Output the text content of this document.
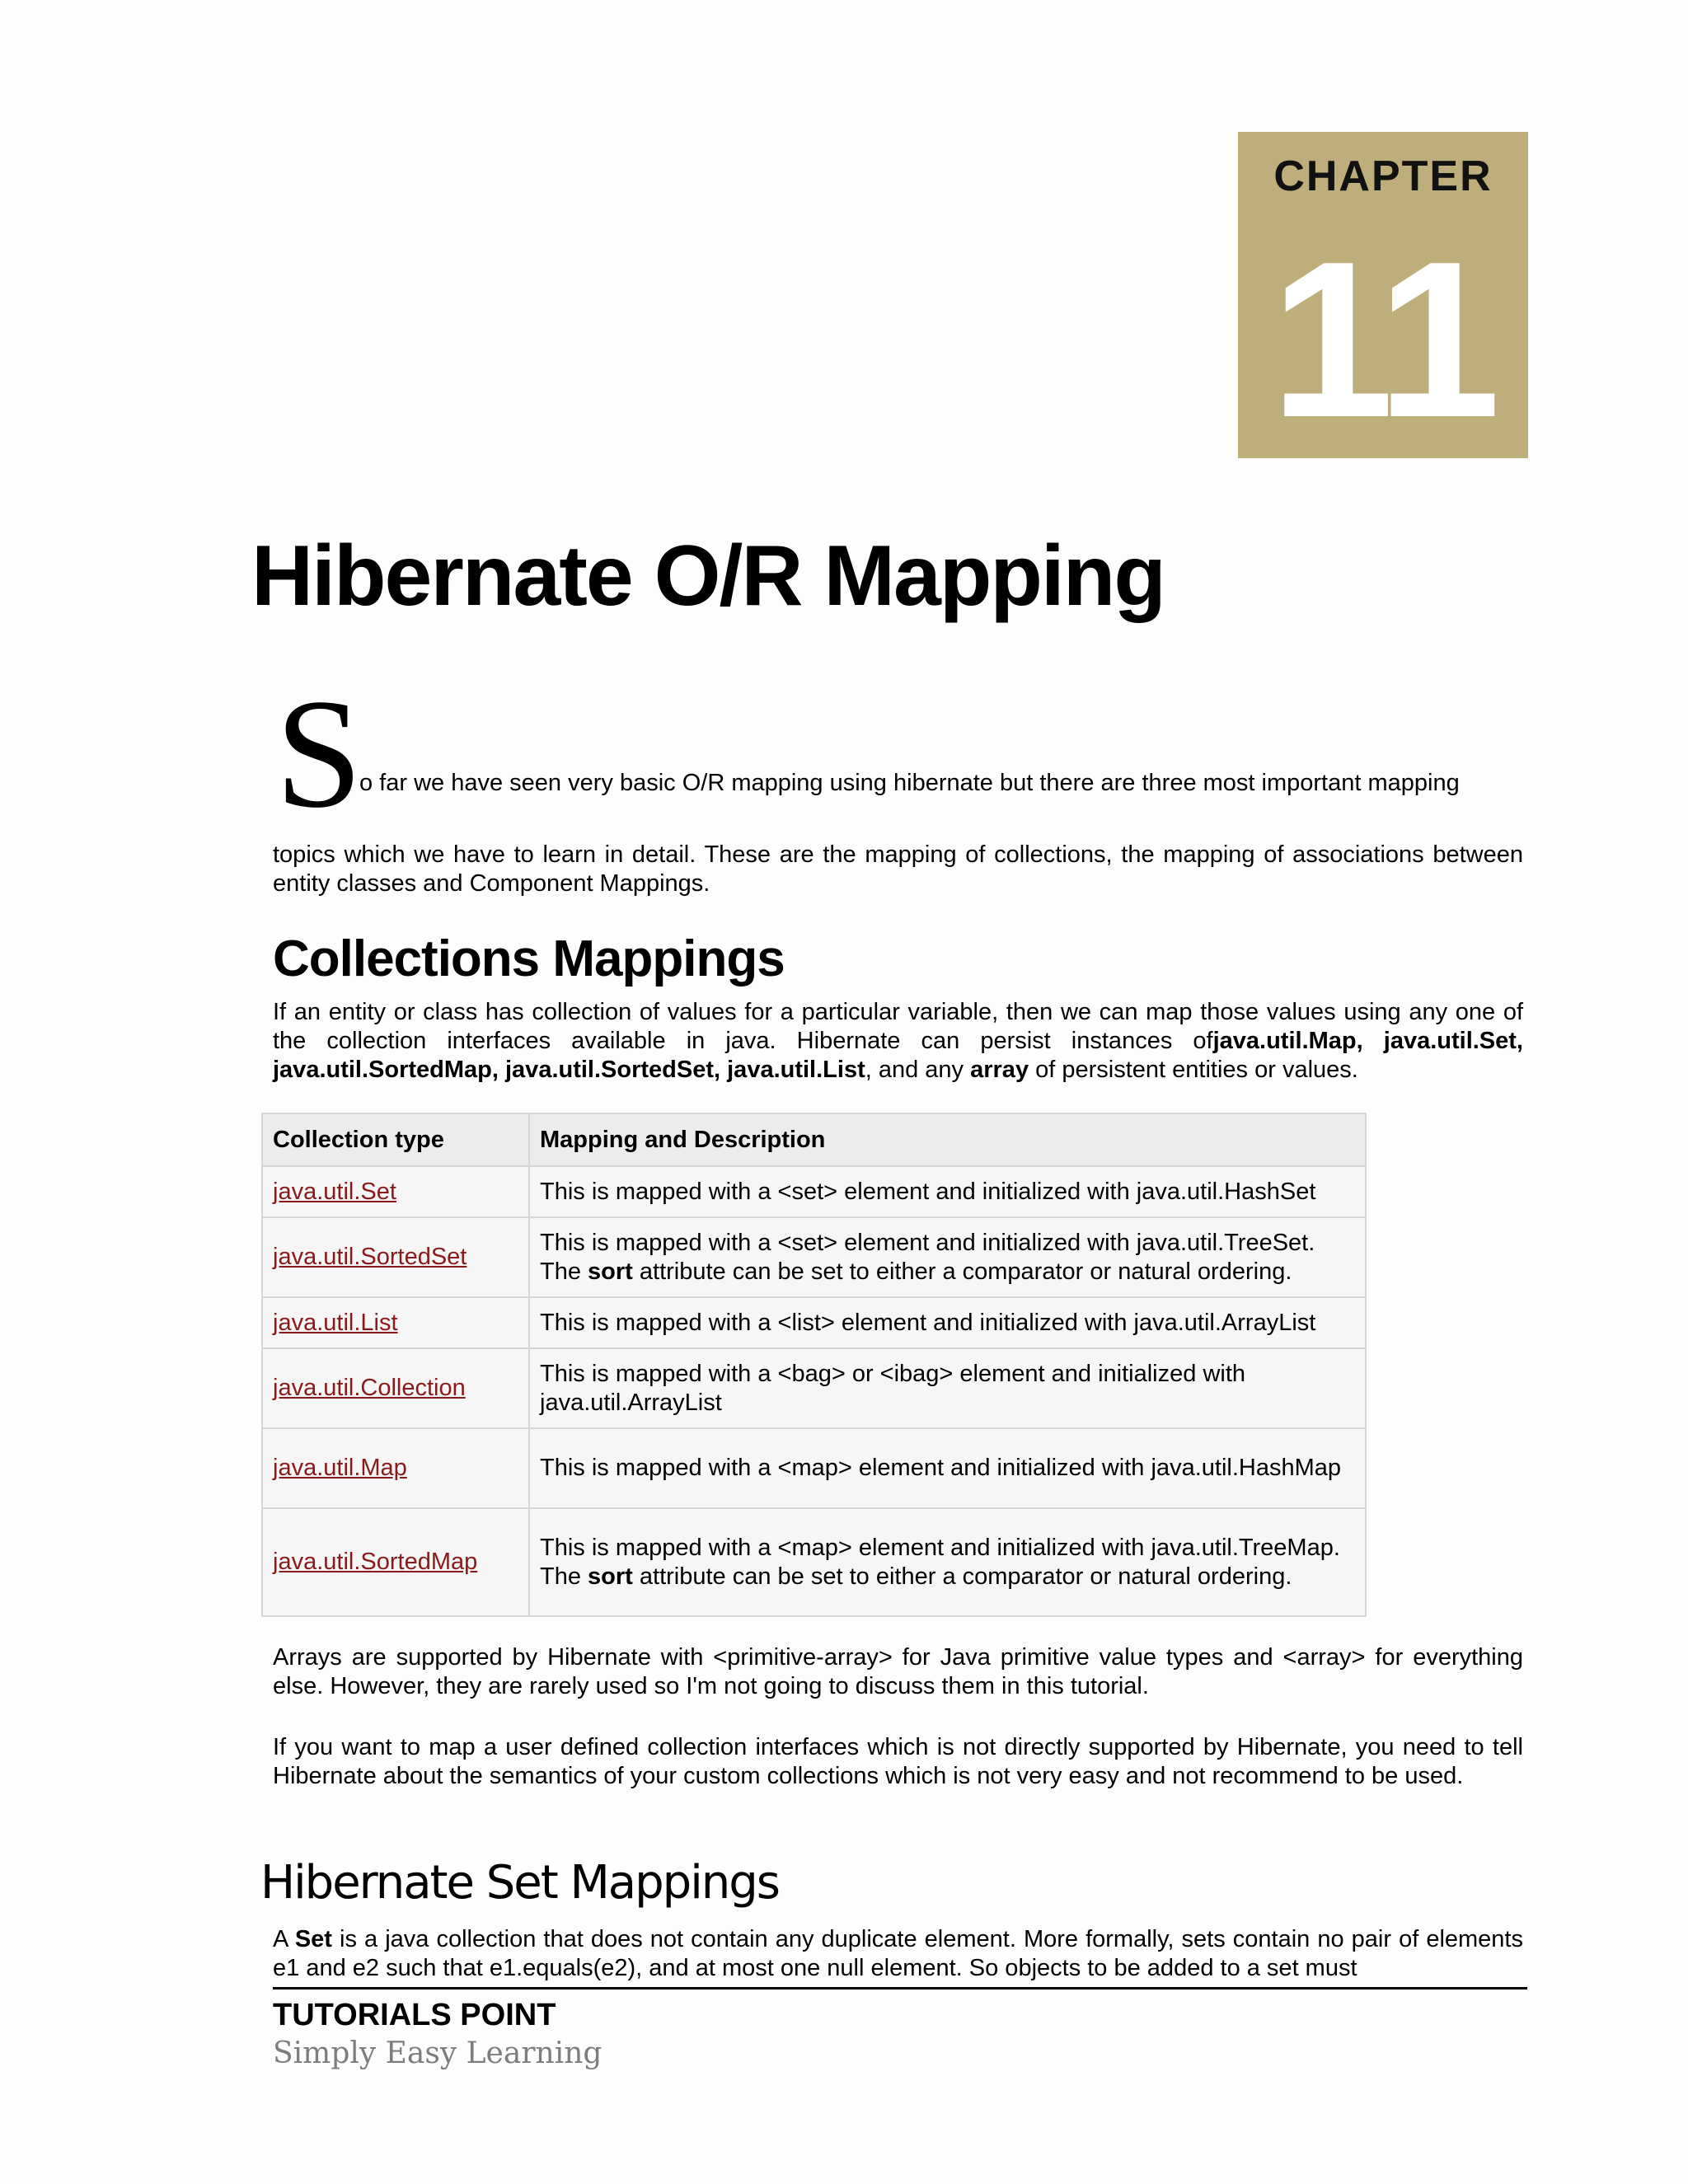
CHAPTER
11
Hibernate O/R Mapping
S

o far we have seen very basic O/R mapping using hibernate but there are three most important mapping

topics which we have to learn in detail. These are the mapping of collections, the mapping of associations between entity classes and Component Mappings.

Collections Mappings

If an entity or class has collection of values for a particular variable, then we can map those values using any one of the collection interfaces available in java. Hibernate can persist instances ofjava.util.Map, java.util.Set, java.util.SortedMap, java.util.SortedSet, java.util.List, and any array of persistent entities or values.

Collection type	Mapping and Description
java.util.Set	This is mapped with a <set> element and initialized with java.util.HashSet
java.util.SortedSet	This is mapped with a <set> element and initialized with java.util.TreeSet. The sort attribute can be set to either a comparator or natural ordering.
java.util.List	This is mapped with a <list> element and initialized with java.util.ArrayList
java.util.Collection	This is mapped with a <bag> or <ibag> element and initialized with java.util.ArrayList
java.util.Map	This is mapped with a <map> element and initialized with java.util.HashMap
java.util.SortedMap	This is mapped with a <map> element and initialized with java.util.TreeMap. The sort attribute can be set to either a comparator or natural ordering.

Arrays are supported by Hibernate with <primitive-array> for Java primitive value types and <array> for everything else. However, they are rarely used so I'm not going to discuss them in this tutorial.

If you want to map a user defined collection interfaces which is not directly supported by Hibernate, you need to tell Hibernate about the semantics of your custom collections which is not very easy and not recommend to be used.

Hibernate Set Mappings

A Set is a java collection that does not contain any duplicate element. More formally, sets contain no pair of elements e1 and e2 such that e1.equals(e2), and at most one null element. So objects to be added to a set must

TUTORIALS POINT
Simply Easy Learning
